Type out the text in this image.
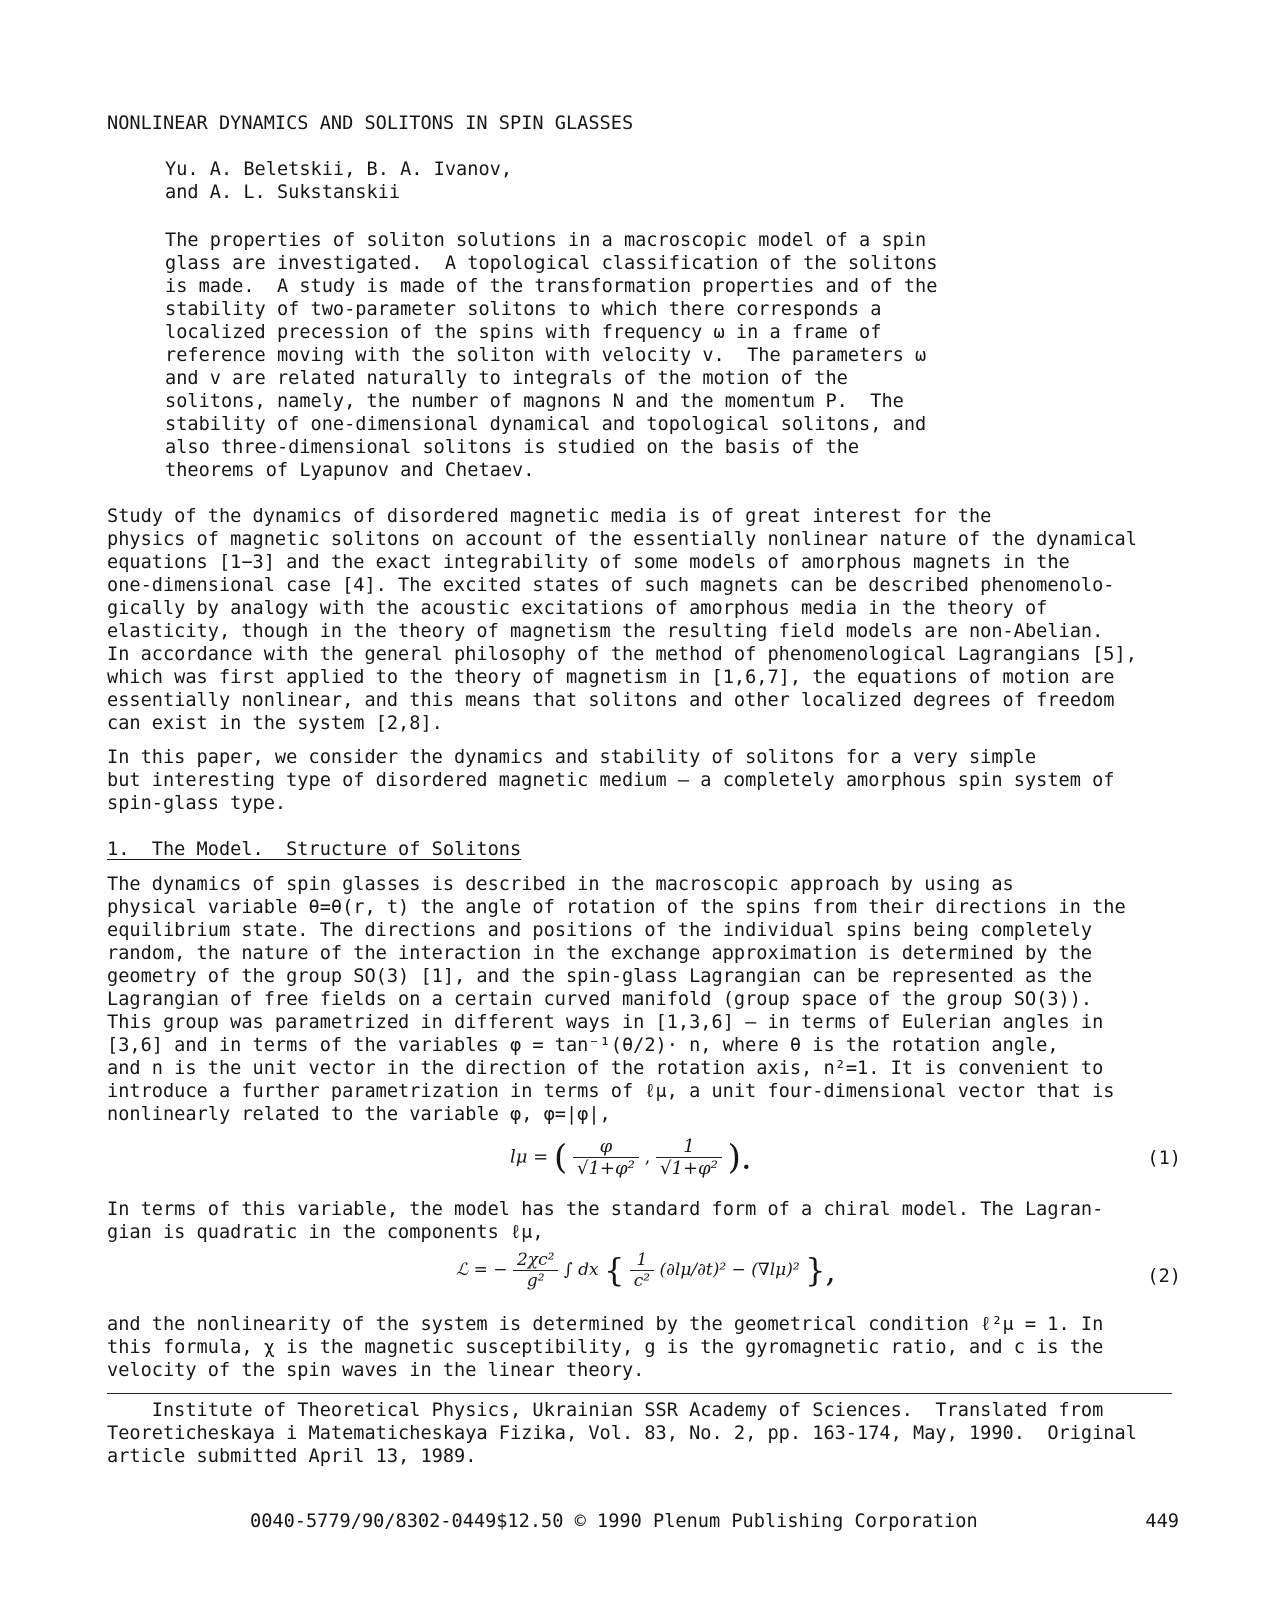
NONLINEAR DYNAMICS AND SOLITONS IN SPIN GLASSES
Yu. A. Beletskii, B. A. Ivanov,
and A. L. Sukstanskii
The properties of soliton solutions in a macroscopic model of a spin
glass are investigated.  A topological classification of the solitons
is made.  A study is made of the transformation properties and of the
stability of two-parameter solitons to which there corresponds a
localized precession of the spins with frequency ω in a frame of
reference moving with the soliton with velocity v.  The parameters ω
and v are related naturally to integrals of the motion of the
solitons, namely, the number of magnons N and the momentum P.  The
stability of one-dimensional dynamical and topological solitons, and
also three-dimensional solitons is studied on the basis of the
theorems of Lyapunov and Chetaev.
Study of the dynamics of disordered magnetic media is of great interest for the
physics of magnetic solitons on account of the essentially nonlinear nature of the dynamical
equations [1−3] and the exact integrability of some models of amorphous magnets in the
one-dimensional case [4]. The excited states of such magnets can be described phenomenolo-
gically by analogy with the acoustic excitations of amorphous media in the theory of
elasticity, though in the theory of magnetism the resulting field models are non-Abelian.
In accordance with the general philosophy of the method of phenomenological Lagrangians [5],
which was first applied to the theory of magnetism in [1,6,7], the equations of motion are
essentially nonlinear, and this means that solitons and other localized degrees of freedom
can exist in the system [2,8].
In this paper, we consider the dynamics and stability of solitons for a very simple
but interesting type of disordered magnetic medium — a completely amorphous spin system of
spin-glass type.
1.  The Model.  Structure of Solitons
The dynamics of spin glasses is described in the macroscopic approach by using as
physical variable θ=θ(r, t) the angle of rotation of the spins from their directions in the
equilibrium state. The directions and positions of the individual spins being completely
random, the nature of the interaction in the exchange approximation is determined by the
geometry of the group SO(3) [1], and the spin-glass Lagrangian can be represented as the
Lagrangian of free fields on a certain curved manifold (group space of the group SO(3)).
This group was parametrized in different ways in [1,3,6] — in terms of Eulerian angles in
[3,6] and in terms of the variables φ = tan⁻¹(θ/2)· n, where θ is the rotation angle,
and n is the unit vector in the direction of the rotation axis, n²=1. It is convenient to
introduce a further parametrization in terms of ℓμ, a unit four-dimensional vector that is
nonlinearly related to the variable φ, φ=|φ|,
lμ = ( $\frac{\varphi}{\text{√1+φ²}}$ , $\frac{1}{\text{√1+φ²}}$ ).	(1)
In terms of this variable, the model has the standard form of a chiral model. The Lagran-
gian is quadratic in the components ℓμ,
ℒ = − $\frac{\text{2χc²}}{\text{g²}}$ ∫ dx { $\frac{1}{\text{c²}} (\partial l\mu/\partial t)^2 - (\nabla l\mu)^2$ },	(2)
and the nonlinearity of the system is determined by the geometrical condition ℓ²μ = 1. In
this formula, χ is the magnetic susceptibility, g is the gyromagnetic ratio, and c is the
velocity of the spin waves in the linear theory.
Institute of Theoretical Physics, Ukrainian SSR Academy of Sciences.  Translated from
Teoreticheskaya i Matematicheskaya Fizika, Vol. 83, No. 2, pp. 163-174, May, 1990.  Original
article submitted April 13, 1989.
0040-5779/90/8302-0449$12.50 © 1990 Plenum Publishing Corporation	449
